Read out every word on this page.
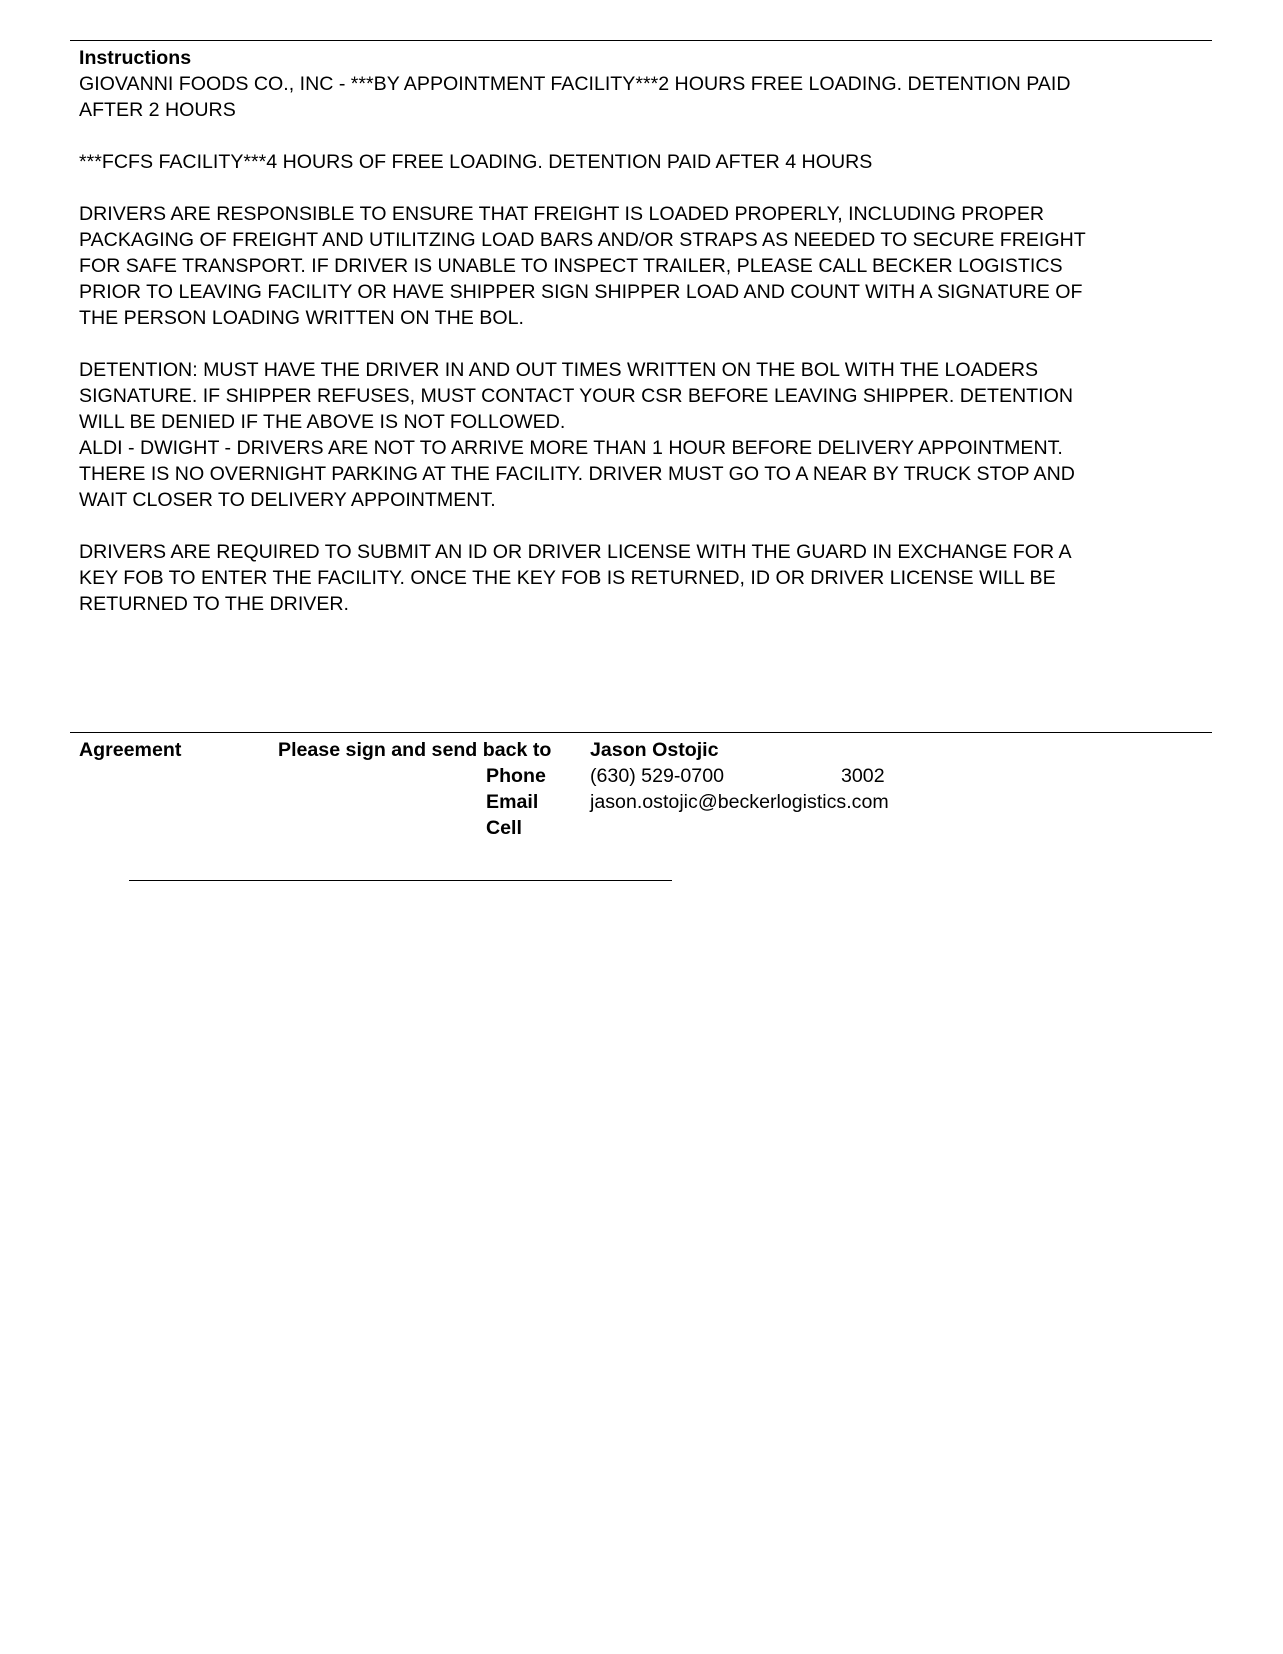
Instructions

GIOVANNI FOODS CO., INC - ***BY APPOINTMENT FACILITY***2 HOURS FREE LOADING. DETENTION PAID
AFTER 2 HOURS

***FCFS FACILITY***4 HOURS OF FREE LOADING. DETENTION PAID AFTER 4 HOURS

DRIVERS ARE RESPONSIBLE TO ENSURE THAT FREIGHT IS LOADED PROPERLY, INCLUDING PROPER
PACKAGING OF FREIGHT AND UTILITZING LOAD BARS AND/OR STRAPS AS NEEDED TO SECURE FREIGHT
FOR SAFE TRANSPORT. IF DRIVER IS UNABLE TO INSPECT TRAILER, PLEASE CALL BECKER LOGISTICS
PRIOR TO LEAVING FACILITY OR HAVE SHIPPER SIGN SHIPPER LOAD AND COUNT WITH A SIGNATURE OF
THE PERSON LOADING WRITTEN ON THE BOL.

DETENTION: MUST HAVE THE DRIVER IN AND OUT TIMES WRITTEN ON THE BOL WITH THE LOADERS
SIGNATURE. IF SHIPPER REFUSES, MUST CONTACT YOUR CSR BEFORE LEAVING SHIPPER. DETENTION
WILL BE DENIED IF THE ABOVE IS NOT FOLLOWED.
ALDI - DWIGHT - DRIVERS ARE NOT TO ARRIVE MORE THAN 1 HOUR BEFORE DELIVERY APPOINTMENT.
THERE IS NO OVERNIGHT PARKING AT THE FACILITY. DRIVER MUST GO TO A NEAR BY TRUCK STOP AND
WAIT CLOSER TO DELIVERY APPOINTMENT.

DRIVERS ARE REQUIRED TO SUBMIT AN ID OR DRIVER LICENSE WITH THE GUARD IN EXCHANGE FOR A
KEY FOB TO ENTER THE FACILITY. ONCE THE KEY FOB IS RETURNED, ID OR DRIVER LICENSE WILL BE
RETURNED TO THE DRIVER.

Agreement	Please sign and send back to Jason Ostojic
Phone (630) 529-0700	3002
Email	jason.ostojic@beckerlogistics.com
Cell
